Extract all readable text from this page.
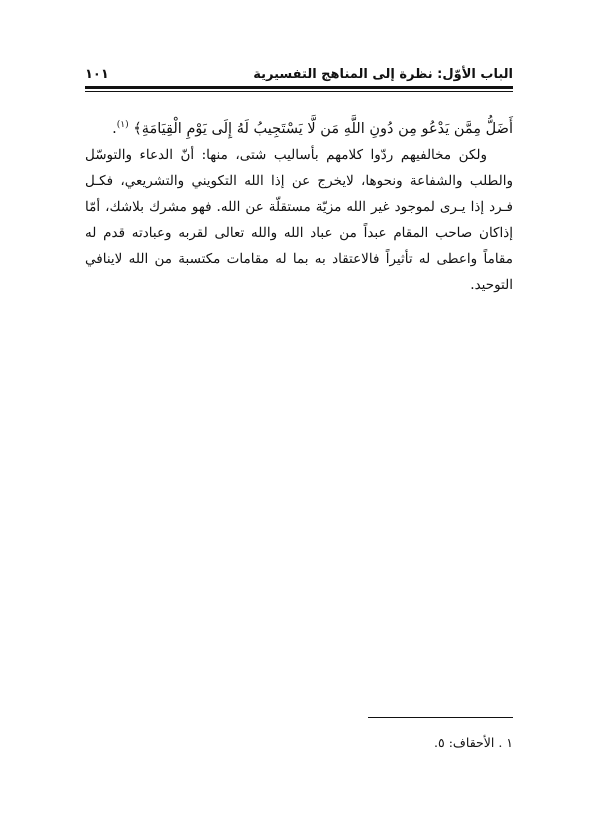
الباب الأوّل: نظرة إلى المناهج التفسيرية
١٠١

أَضَلُّ مِمَّن يَدْعُو مِن دُونِ اللَّهِ مَن لَّا يَسْتَجِيبُ لَهُ إِلَى يَوْمِ الْقِيَامَةِ﴾ $^{(١)}$.

ولكن مخالفيهم ردّوا كلامهم بأساليب شتى، منها: أنّ الدعاء والتوسّل والطلب والشفاعة ونحوها، لايخرج عن إذا الله التكويني والتشريعي، فكـل فـرد إذا يـرى لموجود غير الله مزيّة مستقلّة عن الله. فهو مشرك بلاشك، أمّا إذاكان صاحب المقام عبداً من عباد الله والله تعالى لقربه وعبادته قدم له مقاماً واعطى له تأثيراً فالاعتقاد به بما له مقامات مكتسبة من الله لاينافي التوحيد.

١ . الأحقاف: ٥.
